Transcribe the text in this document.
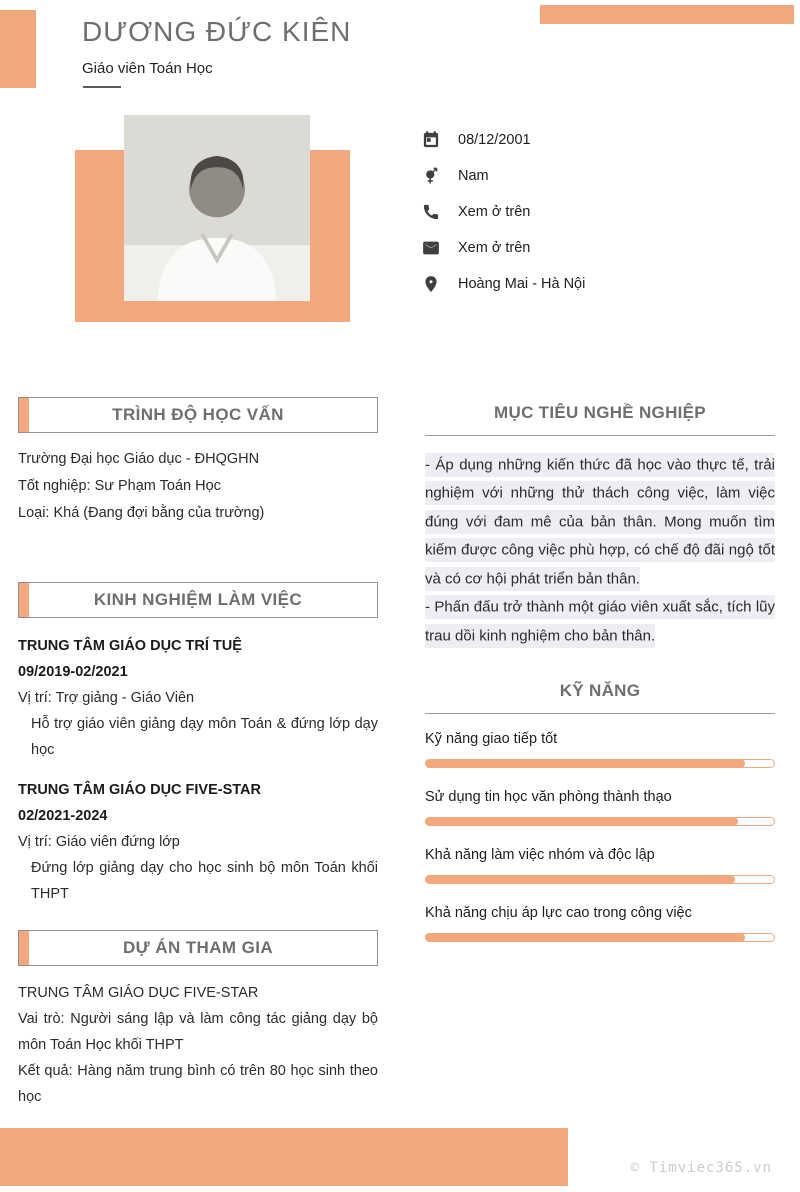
DƯƠNG ĐỨC KIÊN
Giáo viên Toán Học
08/12/2001
Nam
Xem ở trên
Xem ở trên
Hoàng Mai - Hà Nội
TRÌNH ĐỘ HỌC VẤN
Trường Đại học Giáo dục - ĐHQGHN
Tốt nghiệp: Sư Phạm Toán Học
Loại: Khá (Đang đợi bằng của trường)
KINH NGHIỆM LÀM VIỆC
TRUNG TÂM GIÁO DỤC TRÍ TUỆ
09/2019-02/2021
Vị trí: Trợ giảng - Giáo Viên
Hỗ trợ giáo viên giảng dạy môn Toán & đứng lớp dạy học
TRUNG TÂM GIÁO DỤC FIVE-STAR
02/2021-2024
Vị trí: Giáo viên đứng lớp
Đứng lớp giảng dạy cho học sinh bộ môn Toán khối THPT
DỰ ÁN THAM GIA
TRUNG TÂM GIÁO DỤC FIVE-STAR
Vai trò: Người sáng lập và làm công tác giảng dạy bộ môn Toán Học khối THPT
Kết quả: Hàng năm trung bình có trên 80 học sinh theo học
MỤC TIÊU NGHỀ NGHIỆP

- Áp dụng những kiến thức đã học vào thực tế, trải nghiệm với những thử thách công việc, làm việc đúng với đam mê của bản thân. Mong muốn tìm kiếm được công việc phù hợp, có chế độ đãi ngộ tốt và có cơ hội phát triển bản thân.

- Phấn đấu trở thành một giáo viên xuất sắc, tích lũy trau dồi kinh nghiệm cho bản thân.

KỸ NĂNG
Kỹ năng giao tiếp tốt
Sử dụng tin học văn phòng thành thạo
Khả năng làm việc nhóm và độc lập
Khả năng chịu áp lực cao trong công việc
© Timviec365.vn
